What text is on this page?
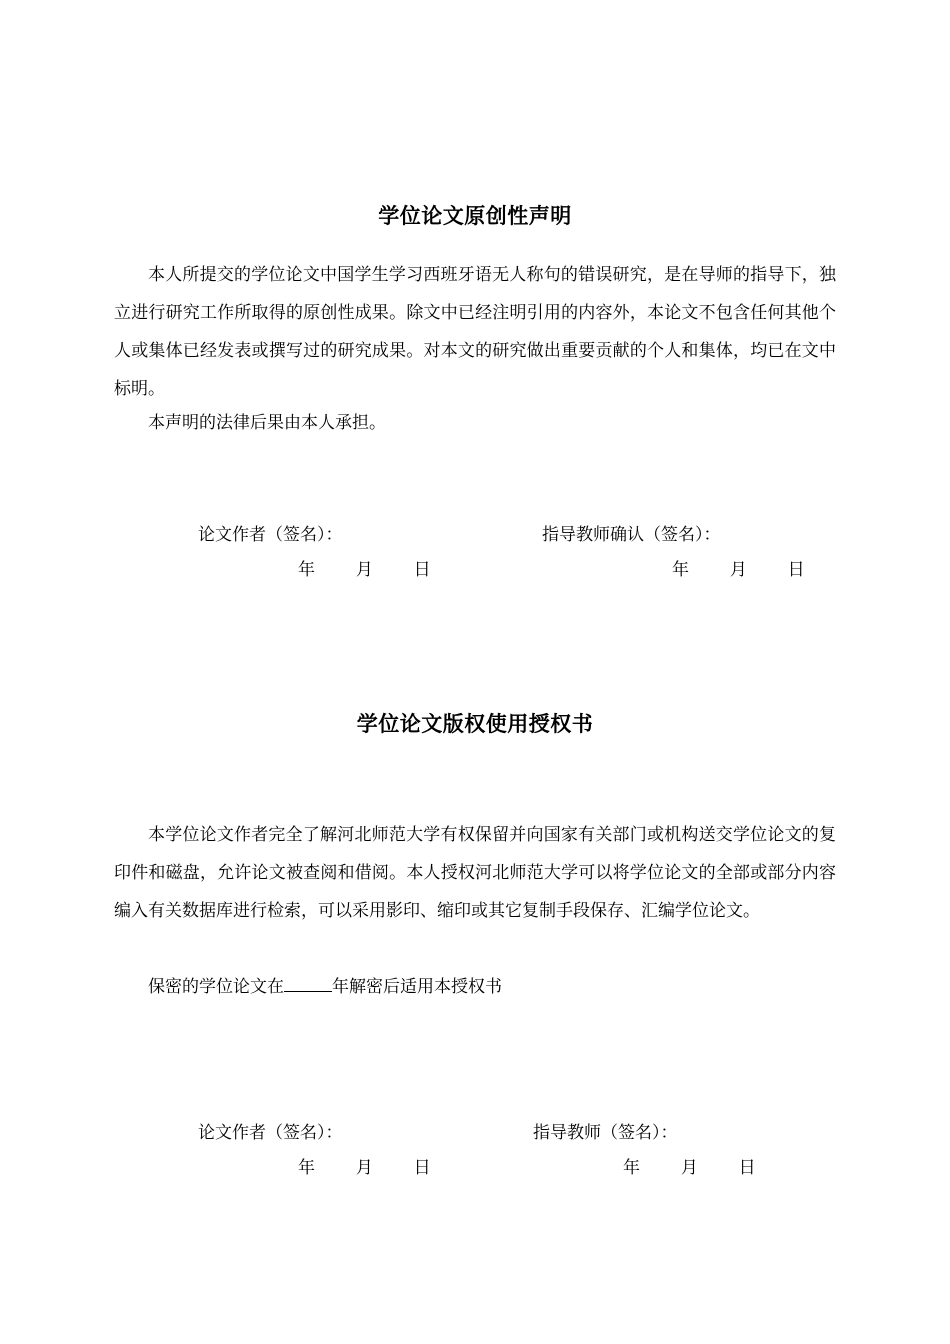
学位论文原创性声明

本人所提交的学位论文中国学生学习西班牙语无人称句的错误研究，是在导师的指导下，独立进行研究工作所取得的原创性成果。除文中已经注明引用的内容外，本论文不包含任何其他个人或集体已经发表或撰写过的研究成果。对本文的研究做出重要贡献的个人和集体，均已在文中标明。

本声明的法律后果由本人承担。

论文作者（签名）：	指导教师确认（签名）：

年 月 日	年 月 日
学位论文版权使用授权书

本学位论文作者完全了解河北师范大学有权保留并向国家有关部门或机构送交学位论文的复印件和磁盘，允许论文被查阅和借阅。本人授权河北师范大学可以将学位论文的全部或部分内容编入有关数据库进行检索，可以采用影印、缩印或其它复制手段保存、汇编学位论文。

保密的学位论文在	年解密后适用本授权书

论文作者（签名）：	指导教师（签名）：

年 月 日	年 月 日
